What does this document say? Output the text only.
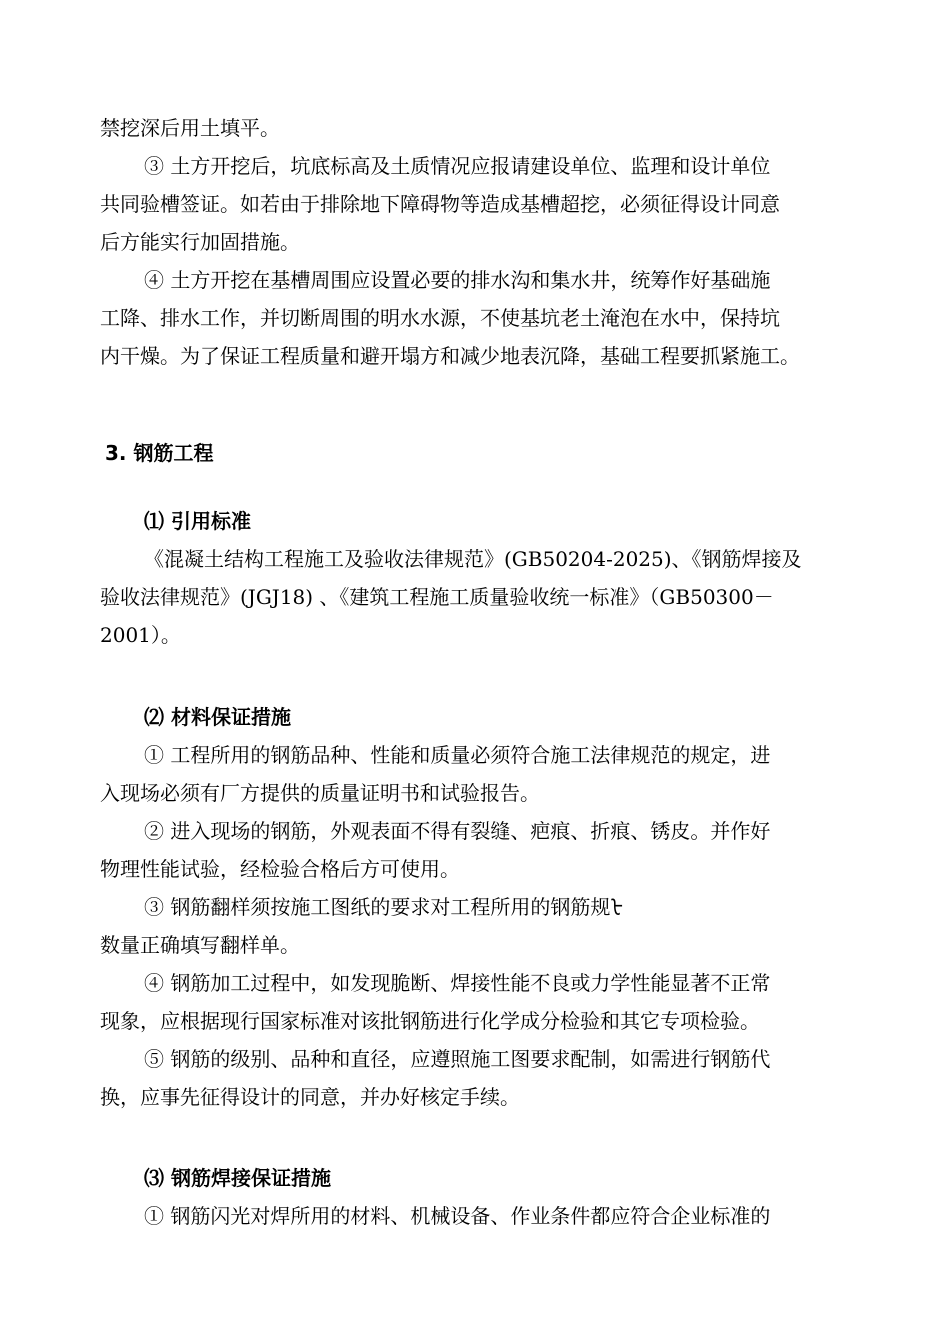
禁挖深后用土填平。
③ 土方开挖后，坑底标高及土质情况应报请建设单位、监理和设计单位
共同验槽签证。如若由于排除地下障碍物等造成基槽超挖，必须征得设计同意
后方能实行加固措施。
④ 土方开挖在基槽周围应设置必要的排水沟和集水井，统筹作好基础施
工降、排水工作，并切断周围的明水水源，不使基坑老土淹泡在水中，保持坑
内干燥。为了保证工程质量和避开塌方和减少地表沉降，基础工程要抓紧施工。
3. 钢筋工程
⑴ 引用标准
《混凝土结构工程施工及验收法律规范》(GB50204-2025)、《钢筋焊接及
验收法律规范》(JGJ18) 、《建筑工程施工质量验收统一标准》（GB50300－
2001）。
⑵ 材料保证措施
① 工程所用的钢筋品种、性能和质量必须符合施工法律规范的规定，进
入现场必须有厂方提供的质量证明书和试验报告。
② 进入现场的钢筋，外观表面不得有裂缝、疤痕、折痕、锈皮。并作好
物理性能试验，经检验合格后方可使用。
③ 钢筋翻样须按施工图纸的要求对工程所用的钢筋规ᡶ
数量正确填写翻样单。
④ 钢筋加工过程中，如发现脆断、焊接性能不良或力学性能显著不正常
现象，应根据现行国家标准对该批钢筋进行化学成分检验和其它专项检验。
⑤ 钢筋的级别、品种和直径，应遵照施工图要求配制，如需进行钢筋代
换，应事先征得设计的同意，并办好核定手续。
⑶ 钢筋焊接保证措施
① 钢筋闪光对焊所用的材料、机械设备、作业条件都应符合企业标准的
